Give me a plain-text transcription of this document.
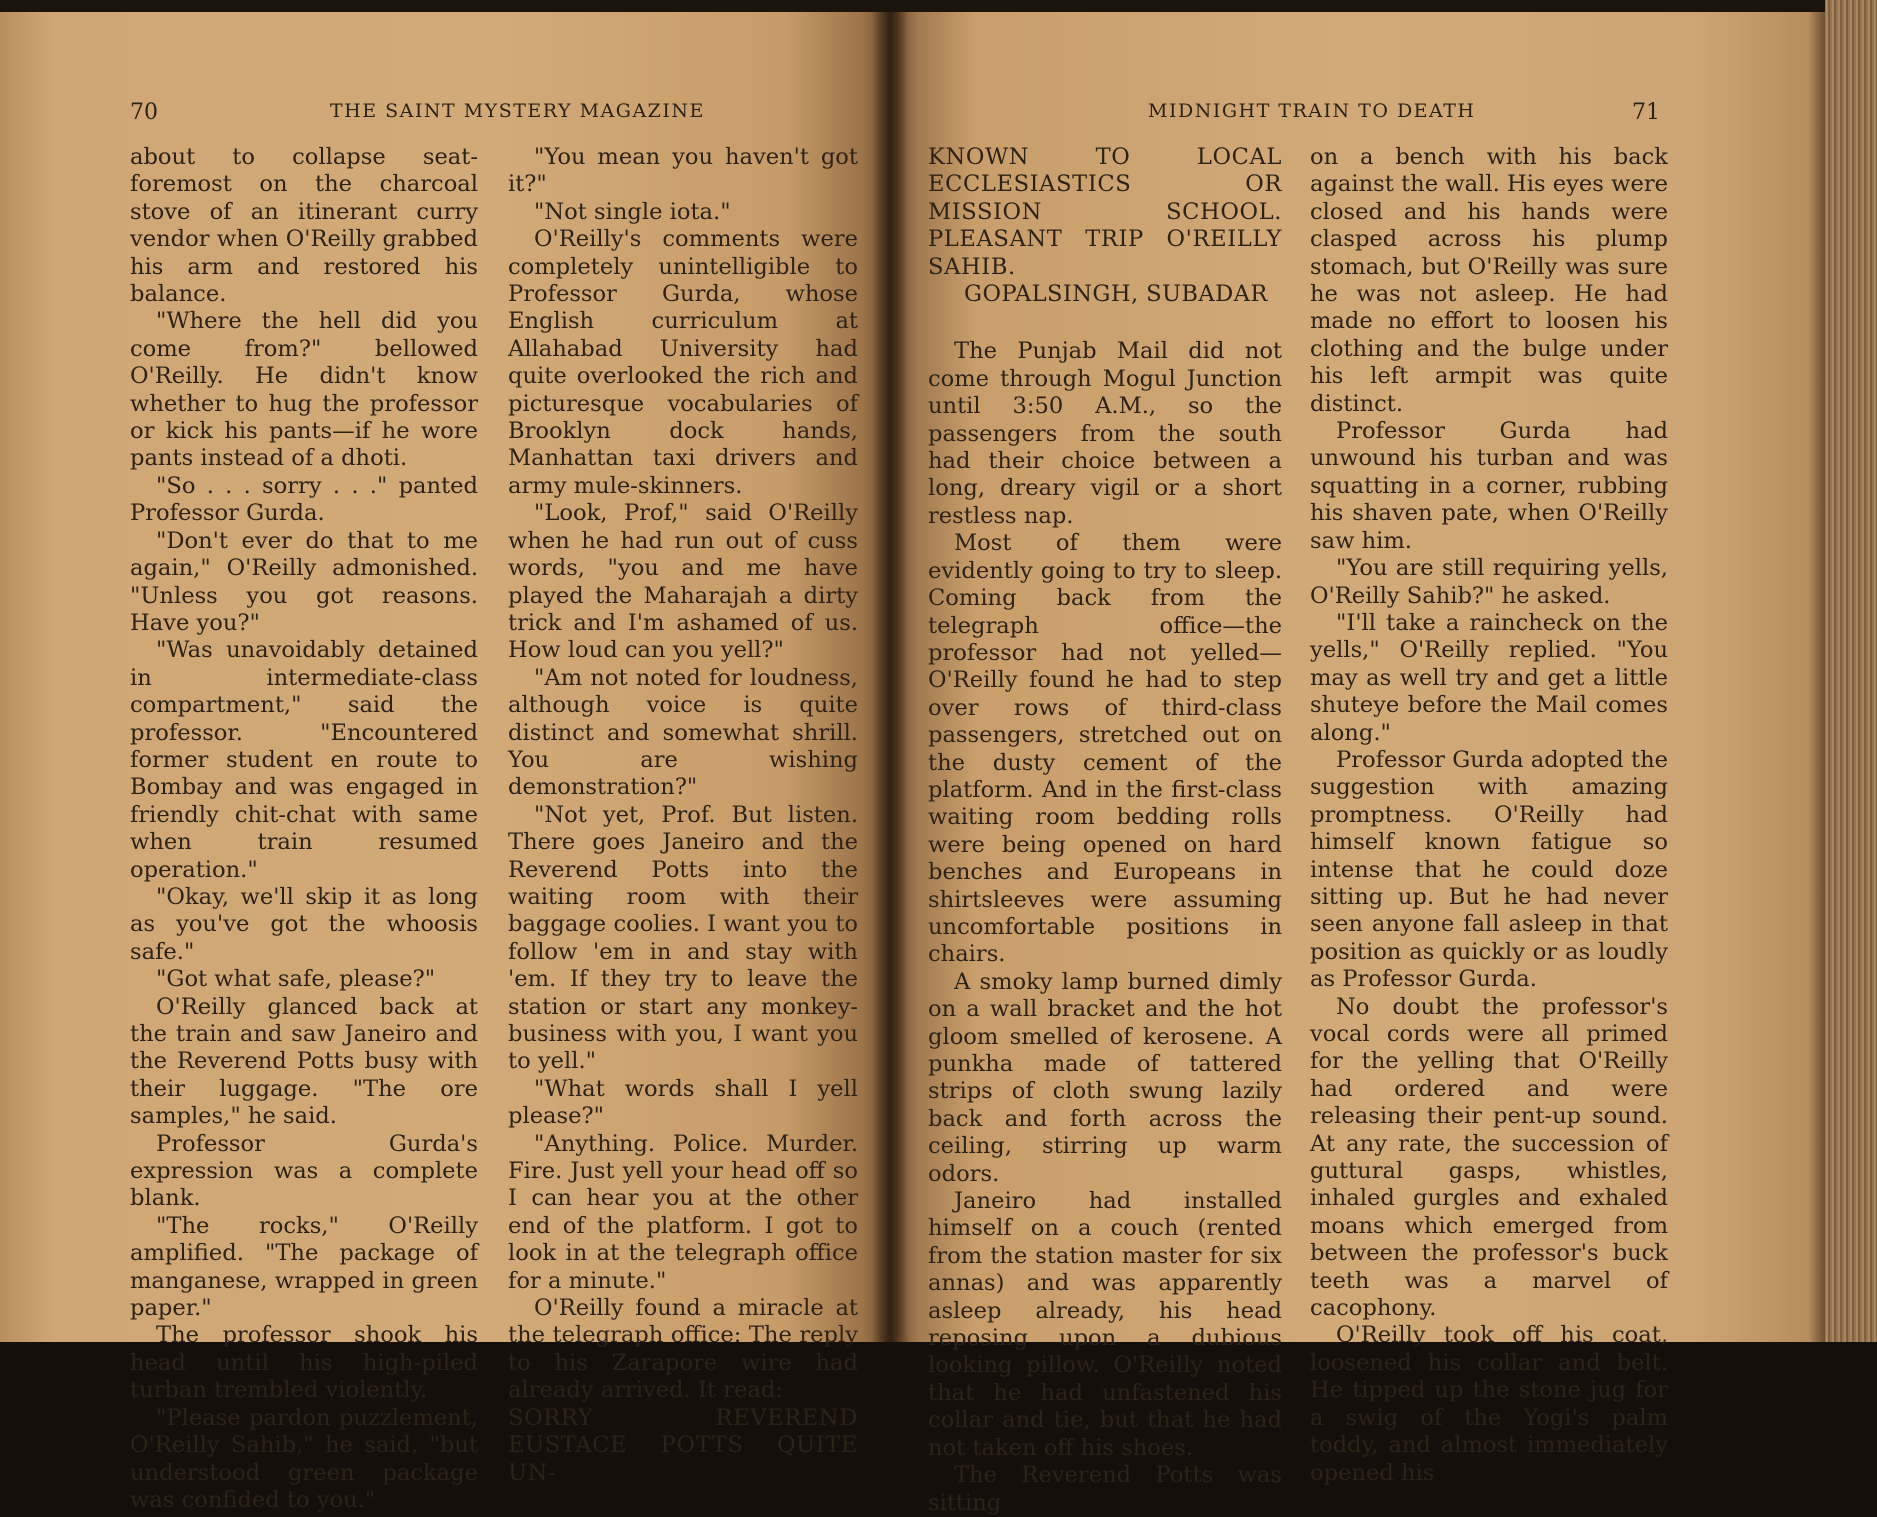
70	THE SAINT MYSTERY MAGAZINE

about to collapse seat-foremost on the charcoal stove of an itinerant curry vendor when O'Reilly grabbed his arm and restored his balance.

"Where the hell did you come from?" bellowed O'Reilly. He didn't know whether to hug the professor or kick his pants—if he wore pants instead of a dhoti.

"So . . . sorry . . ." panted Professor Gurda.

"Don't ever do that to me again," O'Reilly admonished. "Unless you got reasons. Have you?"

"Was unavoidably detained in intermediate-class compartment," said the professor. "Encountered former student en route to Bombay and was engaged in friendly chit-chat with same when train resumed operation."

"Okay, we'll skip it as long as you've got the whoosis safe."

"Got what safe, please?"

O'Reilly glanced back at the train and saw Janeiro and the Reverend Potts busy with their luggage. "The ore samples," he said.

Professor Gurda's expression was a complete blank.

"The rocks," O'Reilly amplified. "The package of manganese, wrapped in green paper."

The professor shook his head until his high-piled turban trembled violently.

"Please pardon puzzlement, O'Reilly Sahib," he said, "but understood green package was confided to you."

"You mean you haven't got it?"

"Not single iota."

O'Reilly's comments were completely unintelligible to Professor Gurda, whose English curriculum at Allahabad University had quite overlooked the rich and picturesque vocabularies of Brooklyn dock hands, Manhattan taxi drivers and army mule-skinners.

"Look, Prof," said O'Reilly when he had run out of cuss words, "you and me have played the Maharajah a dirty trick and I'm ashamed of us. How loud can you yell?"

"Am not noted for loudness, although voice is quite distinct and somewhat shrill. You are wishing demonstration?"

"Not yet, Prof. But listen. There goes Janeiro and the Reverend Potts into the waiting room with their baggage coolies. I want you to follow 'em in and stay with 'em. If they try to leave the station or start any monkey-business with you, I want you to yell."

"What words shall I yell please?"

"Anything. Police. Murder. Fire. Just yell your head off so I can hear you at the other end of the platform. I got to look in at the telegraph office for a minute."

O'Reilly found a miracle at the telegraph office: The reply to his Zarapore wire had already arrived. It read:

SORRY REVEREND EUSTACE POTTS QUITE UN-

MIDNIGHT TRAIN TO DEATH	71

KNOWN TO LOCAL ECCLESIASTICS OR MISSION SCHOOL. PLEASANT TRIP O'REILLY SAHIB.

GOPALSINGH, SUBADAR

The Punjab Mail did not come through Mogul Junction until 3:50 A.M., so the passengers from the south had their choice between a long, dreary vigil or a short restless nap.

Most of them were evidently going to try to sleep. Coming back from the telegraph office—the professor had not yelled—O'Reilly found he had to step over rows of third-class passengers, stretched out on the dusty cement of the platform. And in the first-class waiting room bedding rolls were being opened on hard benches and Europeans in shirtsleeves were assuming uncomfortable positions in chairs.

A smoky lamp burned dimly on a wall bracket and the hot gloom smelled of kerosene. A punkha made of tattered strips of cloth swung lazily back and forth across the ceiling, stirring up warm odors.

Janeiro had installed himself on a couch (rented from the station master for six annas) and was apparently asleep already, his head reposing upon a dubious looking pillow. O'Reilly noted that he had unfastened his collar and tie, but that he had not taken off his shoes.

The Reverend Potts was sitting

on a bench with his back against the wall. His eyes were closed and his hands were clasped across his plump stomach, but O'Reilly was sure he was not asleep. He had made no effort to loosen his clothing and the bulge under his left armpit was quite distinct.

Professor Gurda had unwound his turban and was squatting in a corner, rubbing his shaven pate, when O'Reilly saw him.

"You are still requiring yells, O'Reilly Sahib?" he asked.

"I'll take a raincheck on the yells," O'Reilly replied. "You may as well try and get a little shuteye before the Mail comes along."

Professor Gurda adopted the suggestion with amazing promptness. O'Reilly had himself known fatigue so intense that he could doze sitting up. But he had never seen anyone fall asleep in that position as quickly or as loudly as Professor Gurda.

No doubt the professor's vocal cords were all primed for the yelling that O'Reilly had ordered and were releasing their pent-up sound. At any rate, the succession of guttural gasps, whistles, inhaled gurgles and exhaled moans which emerged from between the professor's buck teeth was a marvel of cacophony.

O'Reilly took off his coat, loosened his collar and belt. He tipped up the stone jug for a swig of the Yogi's palm toddy, and almost immediately opened his
